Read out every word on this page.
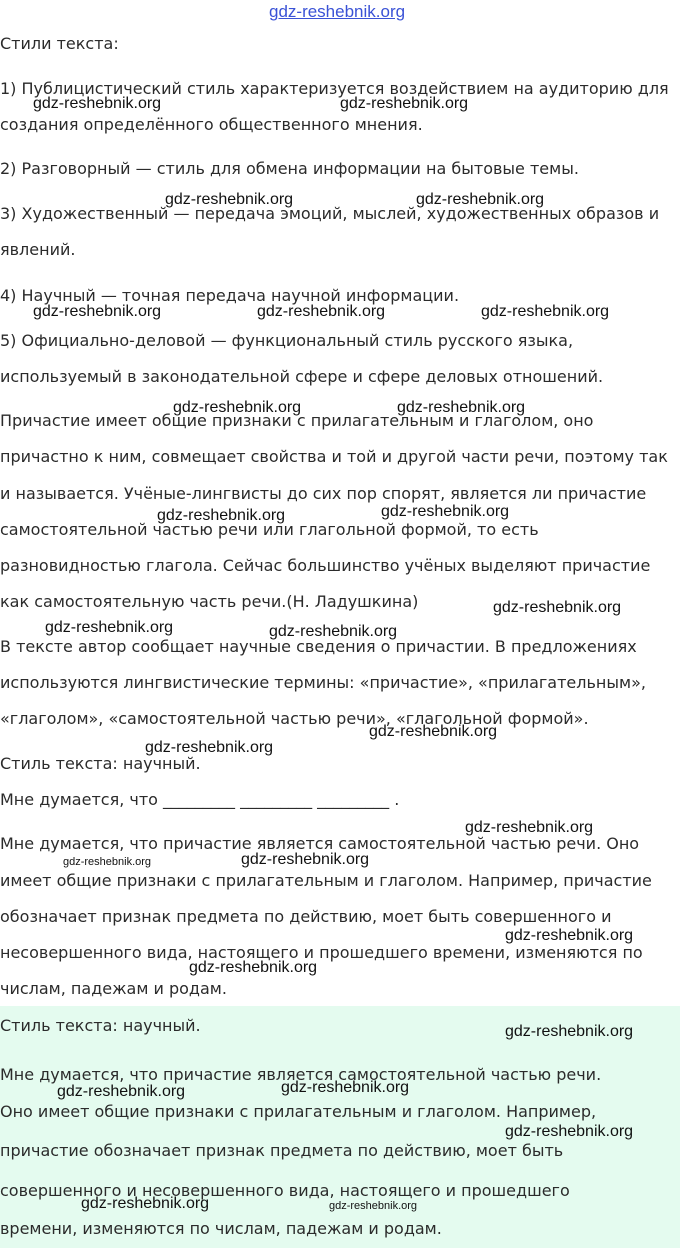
gdz-reshebnik.org

Стили текста:

1) Публицистический стиль характеризуется воздействием на аудиторию для

создания определённого общественного мнения.

2) Разговорный — стиль для обмена информации на бытовые темы.

3) Художественный — передача эмоций, мыслей, художественных образов и

явлений.

4) Научный — точная передача научной информации.

5) Официально-деловой — функциональный стиль русского языка,

используемый в законодательной сфере и сфере деловых отношений.

Причастие имеет общие признаки с прилагательным и глаголом, оно

причастно к ним, совмещает свойства и той и другой части речи, поэтому так

и называется. Учёные-лингвисты до сих пор спорят, является ли причастие

самостоятельной частью речи или глагольной формой, то есть

разновидностью глагола. Сейчас большинство учёных выделяют причастие

как самостоятельную часть речи.(Н. Ладушкина)

В тексте автор сообщает научные сведения о причастии. В предложениях

используются лингвистические термины: «причастие», «прилагательным»,

«глаголом», «самостоятельной частью речи», «глагольной формой».

Стиль текста: научный.

Мне думается, что _________ _________ _________ .

Мне думается, что причастие является самостоятельной частью речи. Оно

имеет общие признаки с прилагательным и глаголом. Например, причастие

обозначает признак предмета по действию, моет быть совершенного и

несовершенного вида, настоящего и прошедшего времени, изменяются по

числам, падежам и родам.

Стиль текста: научный.

Мне думается, что причастие является самостоятельной частью речи.

Оно имеет общие признаки с прилагательным и глаголом. Например,

причастие обозначает признак предмета по действию, моет быть

совершенного и несовершенного вида, настоящего и прошедшего

времени, изменяются по числам, падежам и родам.

gdz-reshebnik.org	gdz-reshebnik.org
gdz-reshebnik.org	gdz-reshebnik.org
gdz-reshebnik.org	gdz-reshebnik.org	gdz-reshebnik.org
gdz-reshebnik.org	gdz-reshebnik.org
gdz-reshebnik.org	gdz-reshebnik.org
gdz-reshebnik.org
gdz-reshebnik.org	gdz-reshebnik.org
gdz-reshebnik.org
gdz-reshebnik.org
gdz-reshebnik.org
gdz-reshebnik.org	gdz-reshebnik.org
gdz-reshebnik.org
gdz-reshebnik.org
gdz-reshebnik.org
gdz-reshebnik.org	gdz-reshebnik.org
gdz-reshebnik.org
gdz-reshebnik.org	gdz-reshebnik.org
